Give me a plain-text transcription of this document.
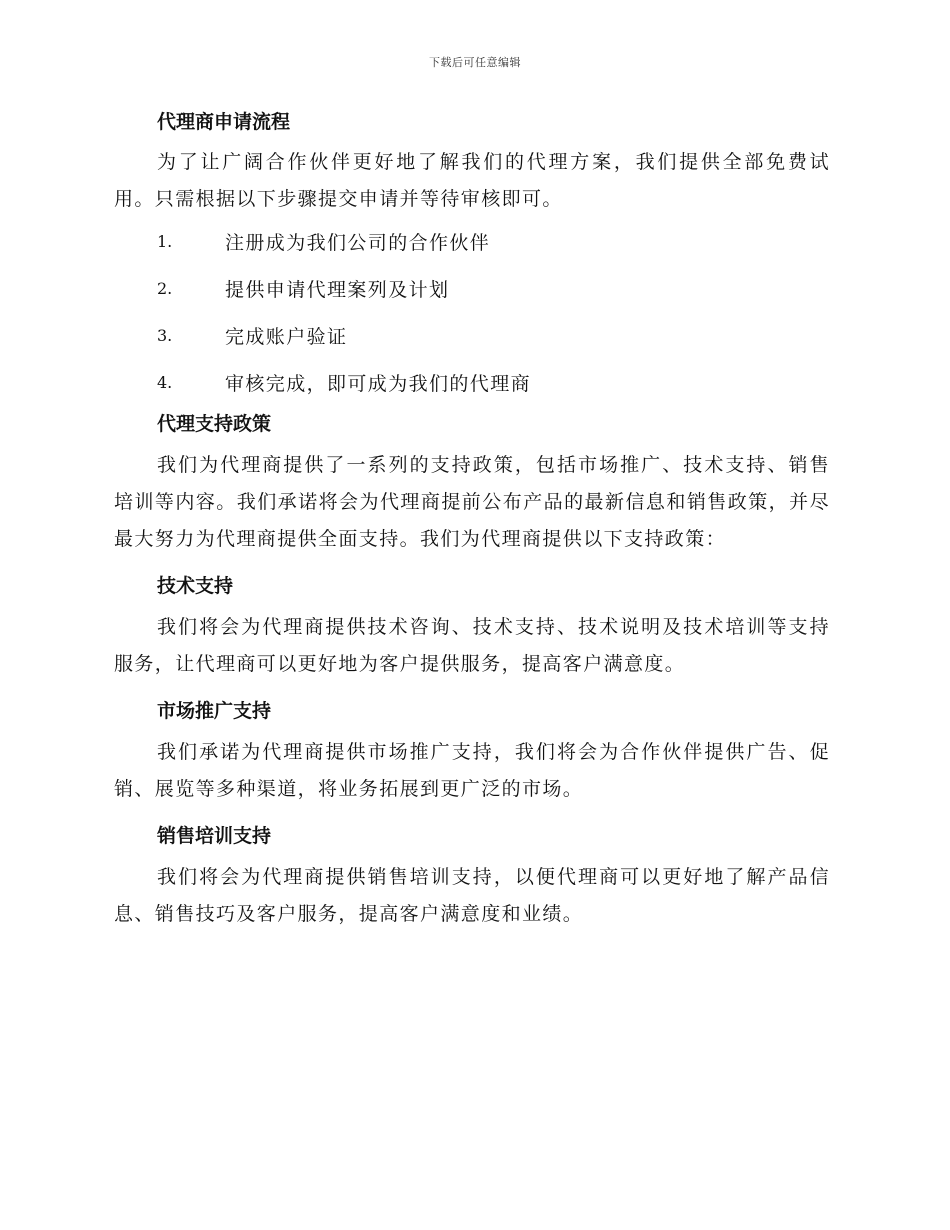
下载后可任意编辑
代理商申请流程

为了让广阔合作伙伴更好地了解我们的代理方案，我们提供全部免费试用。只需根据以下步骤提交申请并等待审核即可。

1.	注册成为我们公司的合作伙伴
2.	提供申请代理案列及计划
3.	完成账户验证
4.	审核完成，即可成为我们的代理商
代理支持政策

我们为代理商提供了一系列的支持政策，包括市场推广、技术支持、销售培训等内容。我们承诺将会为代理商提前公布产品的最新信息和销售政策，并尽最大努力为代理商提供全面支持。我们为代理商提供以下支持政策：

技术支持

我们将会为代理商提供技术咨询、技术支持、技术说明及技术培训等支持服务，让代理商可以更好地为客户提供服务，提高客户满意度。

市场推广支持

我们承诺为代理商提供市场推广支持，我们将会为合作伙伴提供广告、促销、展览等多种渠道，将业务拓展到更广泛的市场。

销售培训支持

我们将会为代理商提供销售培训支持，以便代理商可以更好地了解产品信息、销售技巧及客户服务，提高客户满意度和业绩。
